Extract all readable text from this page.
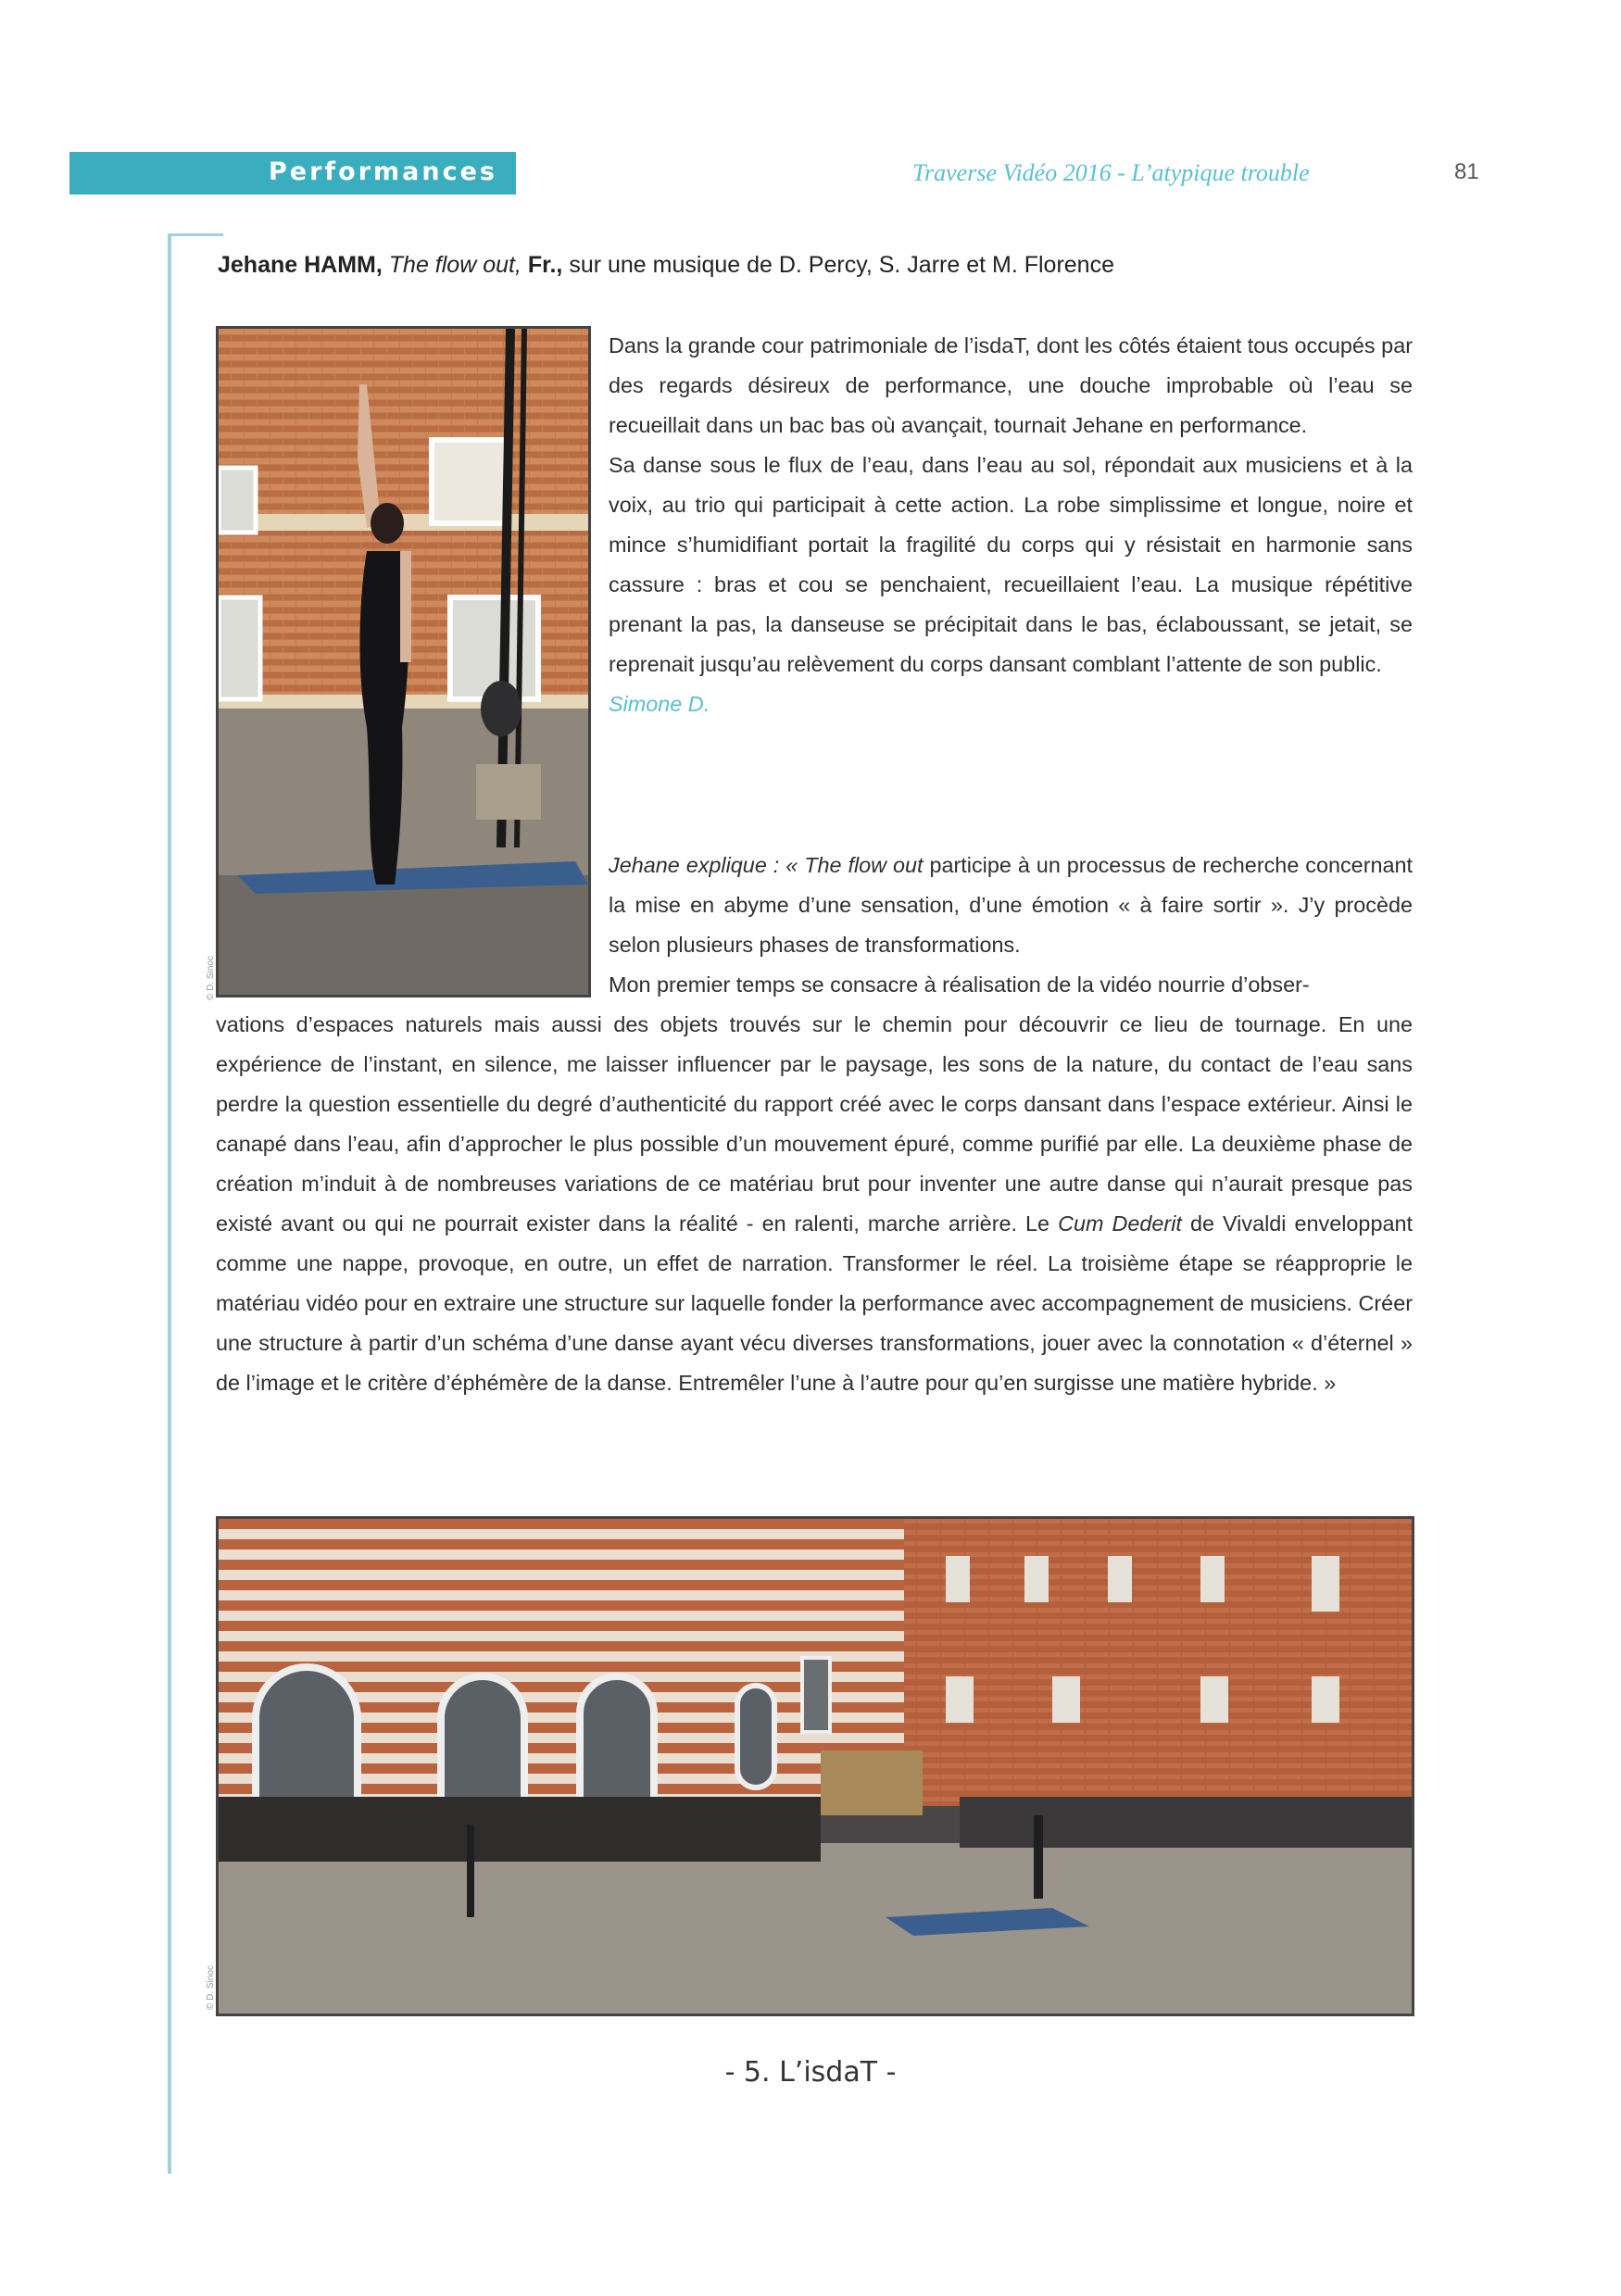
Performances	Traverse Vidéo 2016 - L’atypique trouble	81
Jehane HAMM, The flow out, Fr., sur une musique de D. Percy, S. Jarre et M. Florence
© D. Sinoc
Dans la grande cour patrimoniale de l’isdaT, dont les côtés étaient tous occupés par des regards désireux de performance, une douche improbable où l’eau se recueillait dans un bac bas où avançait, tournait Jehane en performance.
Sa danse sous le flux de l’eau, dans l’eau au sol, répondait aux musiciens et à la voix, au trio qui participait à cette action. La robe simplissime et longue, noire et mince s’humidifiant portait la fragilité du corps qui y résistait en harmonie sans cassure : bras et cou se penchaient, recueillaient l’eau. La musique répétitive prenant la pas, la danseuse se précipitait dans le bas, éclaboussant, se jetait, se reprenait jusqu’au relèvement du corps dansant comblant l’attente de son public.
Simone D.
Jehane explique : « The flow out participe à un processus de recherche concernant la mise en abyme d’une sensation, d’une émotion « à faire sortir ». J’y procède selon plusieurs phases de transformations.
Mon premier temps se consacre à réalisation de la vidéo nourrie d’obser-
vations d’espaces naturels mais aussi des objets trouvés sur le chemin pour découvrir ce lieu de tournage. En une expérience de l’instant, en silence, me laisser influencer par le paysage, les sons de la nature, du contact de l’eau sans perdre la question essentielle du degré d’authenticité du rapport créé avec le corps dansant dans l’espace extérieur. Ainsi le canapé dans l’eau, afin d’approcher le plus possible d’un mouvement épuré, comme purifié par elle. La deuxième phase de création m’induit à de nombreuses variations de ce matériau brut pour inventer une autre danse qui n’aurait presque pas existé avant ou qui ne pourrait exister dans la réalité - en ralenti, marche arrière. Le Cum Dederit de Vivaldi enveloppant comme une nappe, provoque, en outre, un effet de narration. Transformer le réel. La troisième étape se réapproprie le matériau vidéo pour en extraire une structure sur laquelle fonder la performance avec accompagnement de musiciens. Créer une structure à partir d’un schéma d’une danse ayant vécu diverses transformations, jouer avec la connotation « d’éternel » de l’image et le critère d’éphémère de la danse. Entremêler l’une à l’autre pour qu’en surgisse une matière hybride. »
© D. Sinoc
- 5. L’isdaT -
